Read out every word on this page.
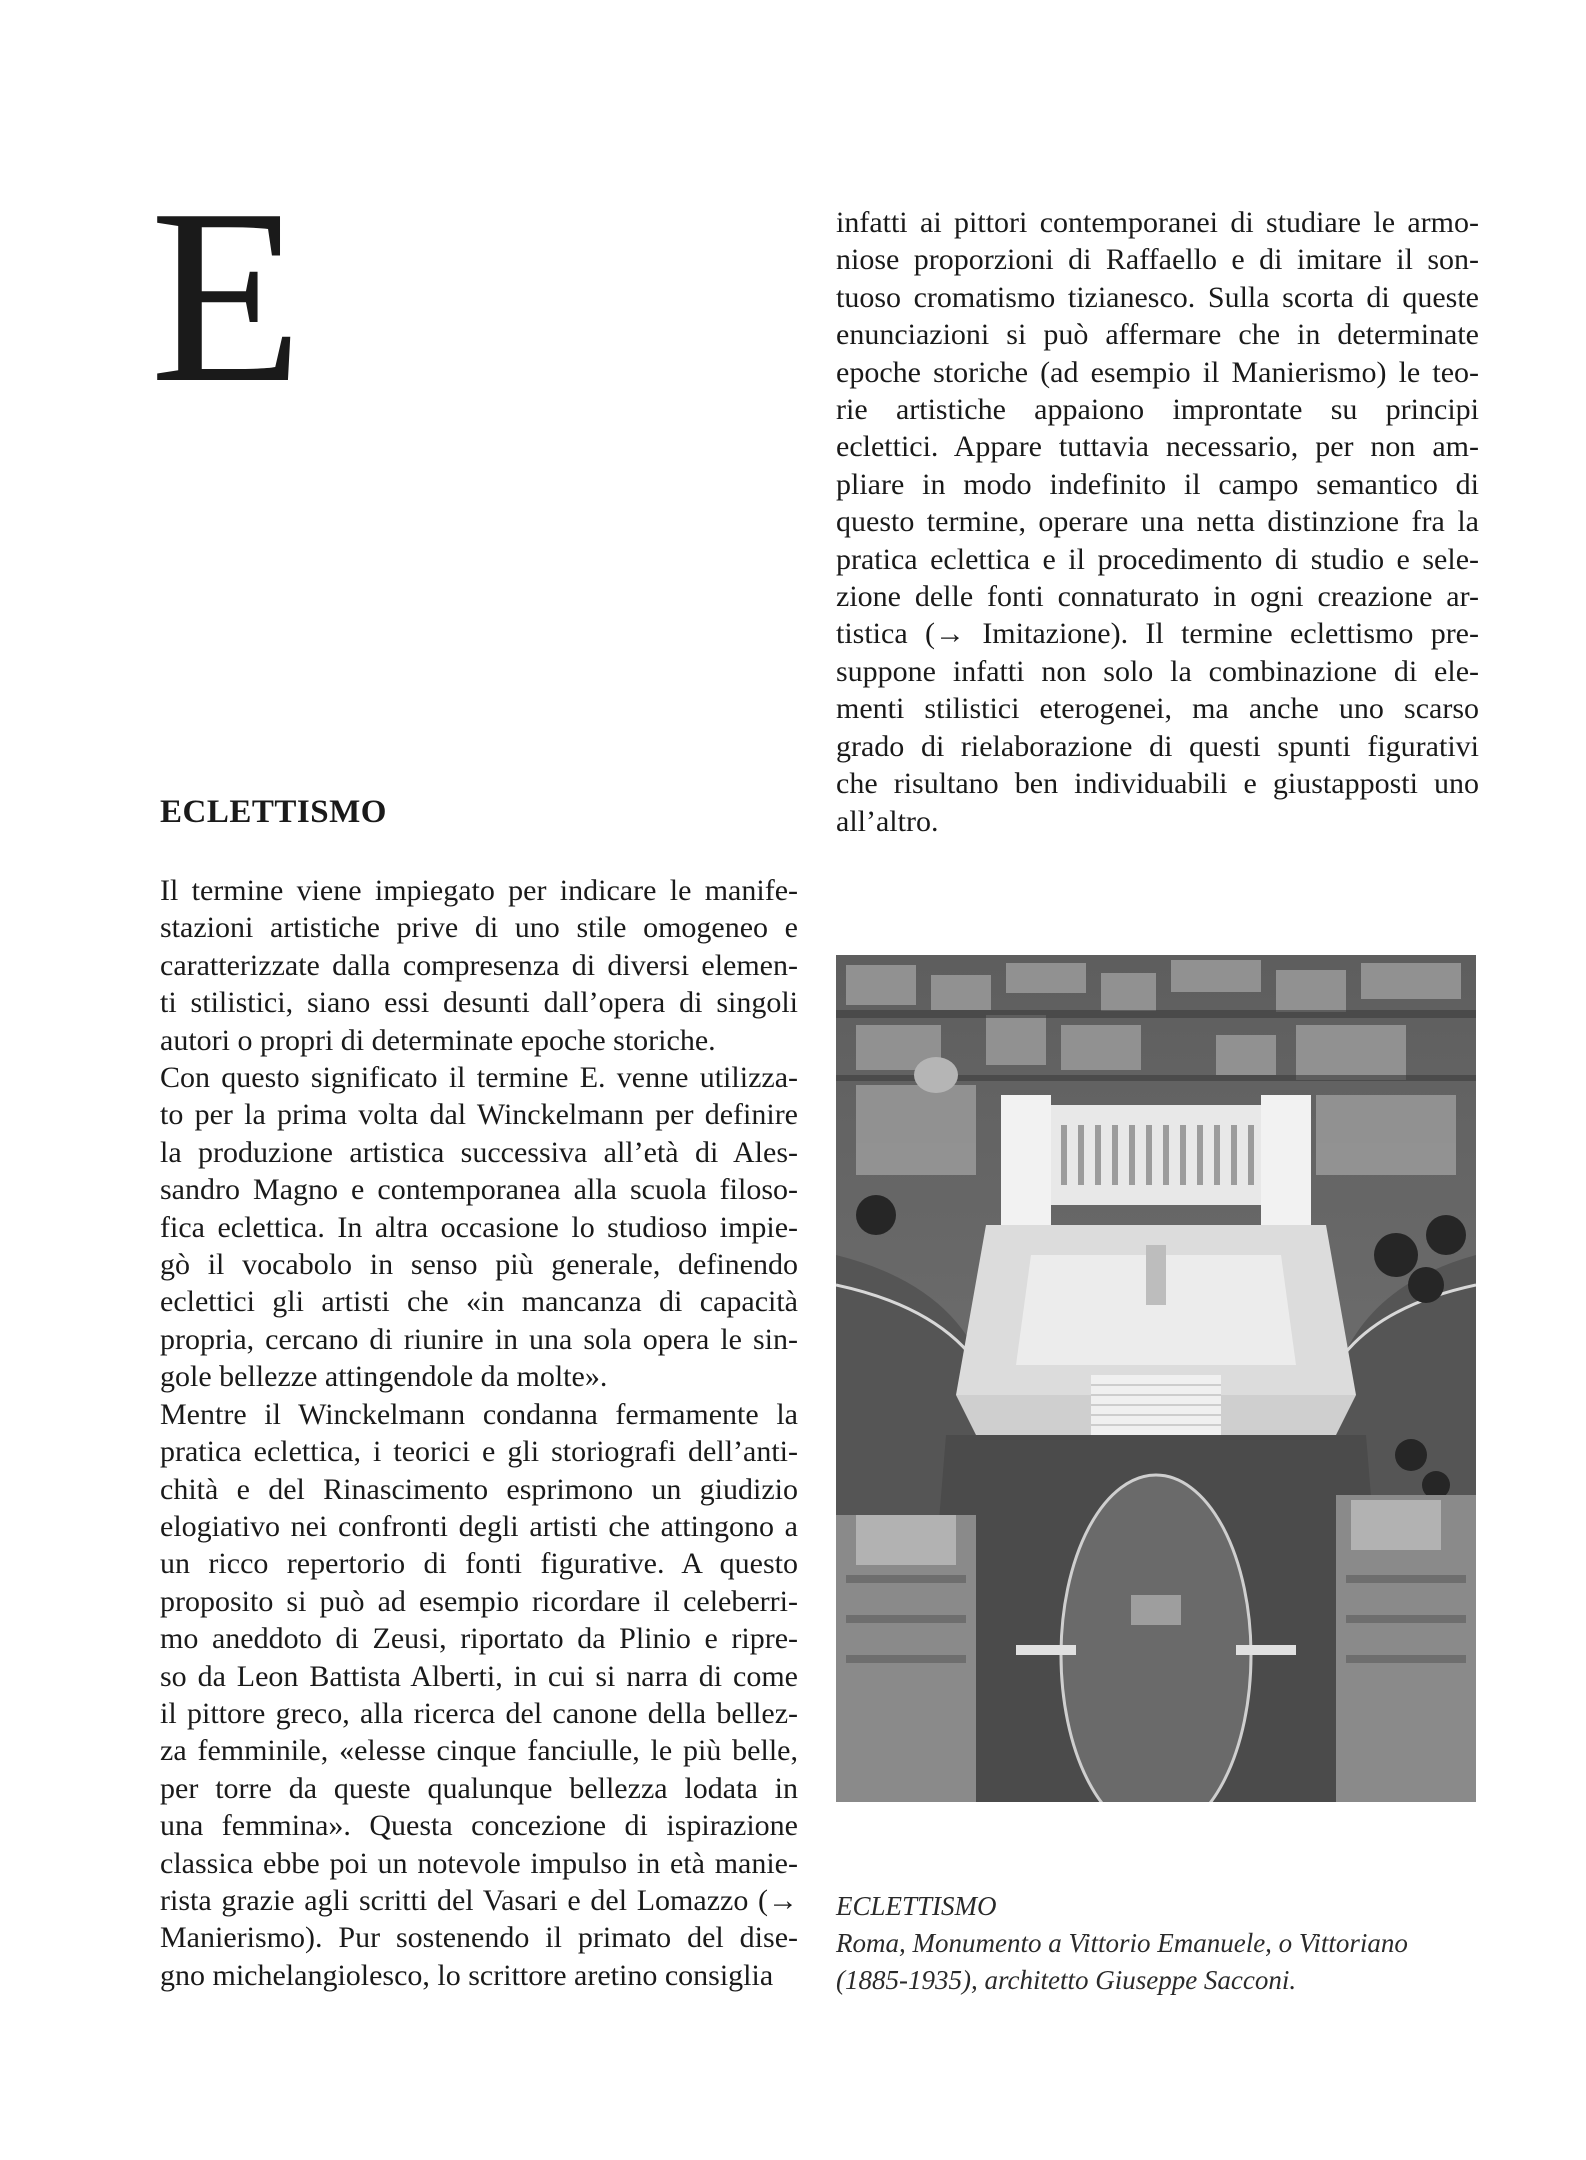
E
ECLETTISMO
Il termine viene impiegato per indicare le manife-
stazioni artistiche prive di uno stile omogeneo e
caratterizzate dalla compresenza di diversi elemen-
ti stilistici, siano essi desunti dall’opera di singoli
autori o propri di determinate epoche storiche.
Con questo significato il termine E. venne utilizza-
to per la prima volta dal Winckelmann per definire
la produzione artistica successiva all’età di Ales-
sandro Magno e contemporanea alla scuola filoso-
fica eclettica. In altra occasione lo studioso impie-
gò il vocabolo in senso più generale, definendo
eclettici gli artisti che «in mancanza di capacità
propria, cercano di riunire in una sola opera le sin-
gole bellezze attingendole da molte».
Mentre il Winckelmann condanna fermamente la
pratica eclettica, i teorici e gli storiografi dell’anti-
chità e del Rinascimento esprimono un giudizio
elogiativo nei confronti degli artisti che attingono a
un ricco repertorio di fonti figurative. A questo
proposito si può ad esempio ricordare il celeberri-
mo aneddoto di Zeusi, riportato da Plinio e ripre-
so da Leon Battista Alberti, in cui si narra di come
il pittore greco, alla ricerca del canone della bellez-
za femminile, «elesse cinque fanciulle, le più belle,
per torre da queste qualunque bellezza lodata in
una femmina». Questa concezione di ispirazione
classica ebbe poi un notevole impulso in età manie-
rista grazie agli scritti del Vasari e del Lomazzo (→
Manierismo). Pur sostenendo il primato del dise-
gno michelangiolesco, lo scrittore aretino consiglia
infatti ai pittori contemporanei di studiare le armo-
niose proporzioni di Raffaello e di imitare il son-
tuoso cromatismo tizianesco. Sulla scorta di queste
enunciazioni si può affermare che in determinate
epoche storiche (ad esempio il Manierismo) le teo-
rie artistiche appaiono improntate su principi
eclettici. Appare tuttavia necessario, per non am-
pliare in modo indefinito il campo semantico di
questo termine, operare una netta distinzione fra la
pratica eclettica e il procedimento di studio e sele-
zione delle fonti connaturato in ogni creazione ar-
tistica (→ Imitazione). Il termine eclettismo pre-
suppone infatti non solo la combinazione di ele-
menti stilistici eterogenei, ma anche uno scarso
grado di rielaborazione di questi spunti figurativi
che risultano ben individuabili e giustapposti uno
all’altro.
ECLETTISMO
Roma, Monumento a Vittorio Emanuele, o Vittoriano
(1885-1935), architetto Giuseppe Sacconi.
